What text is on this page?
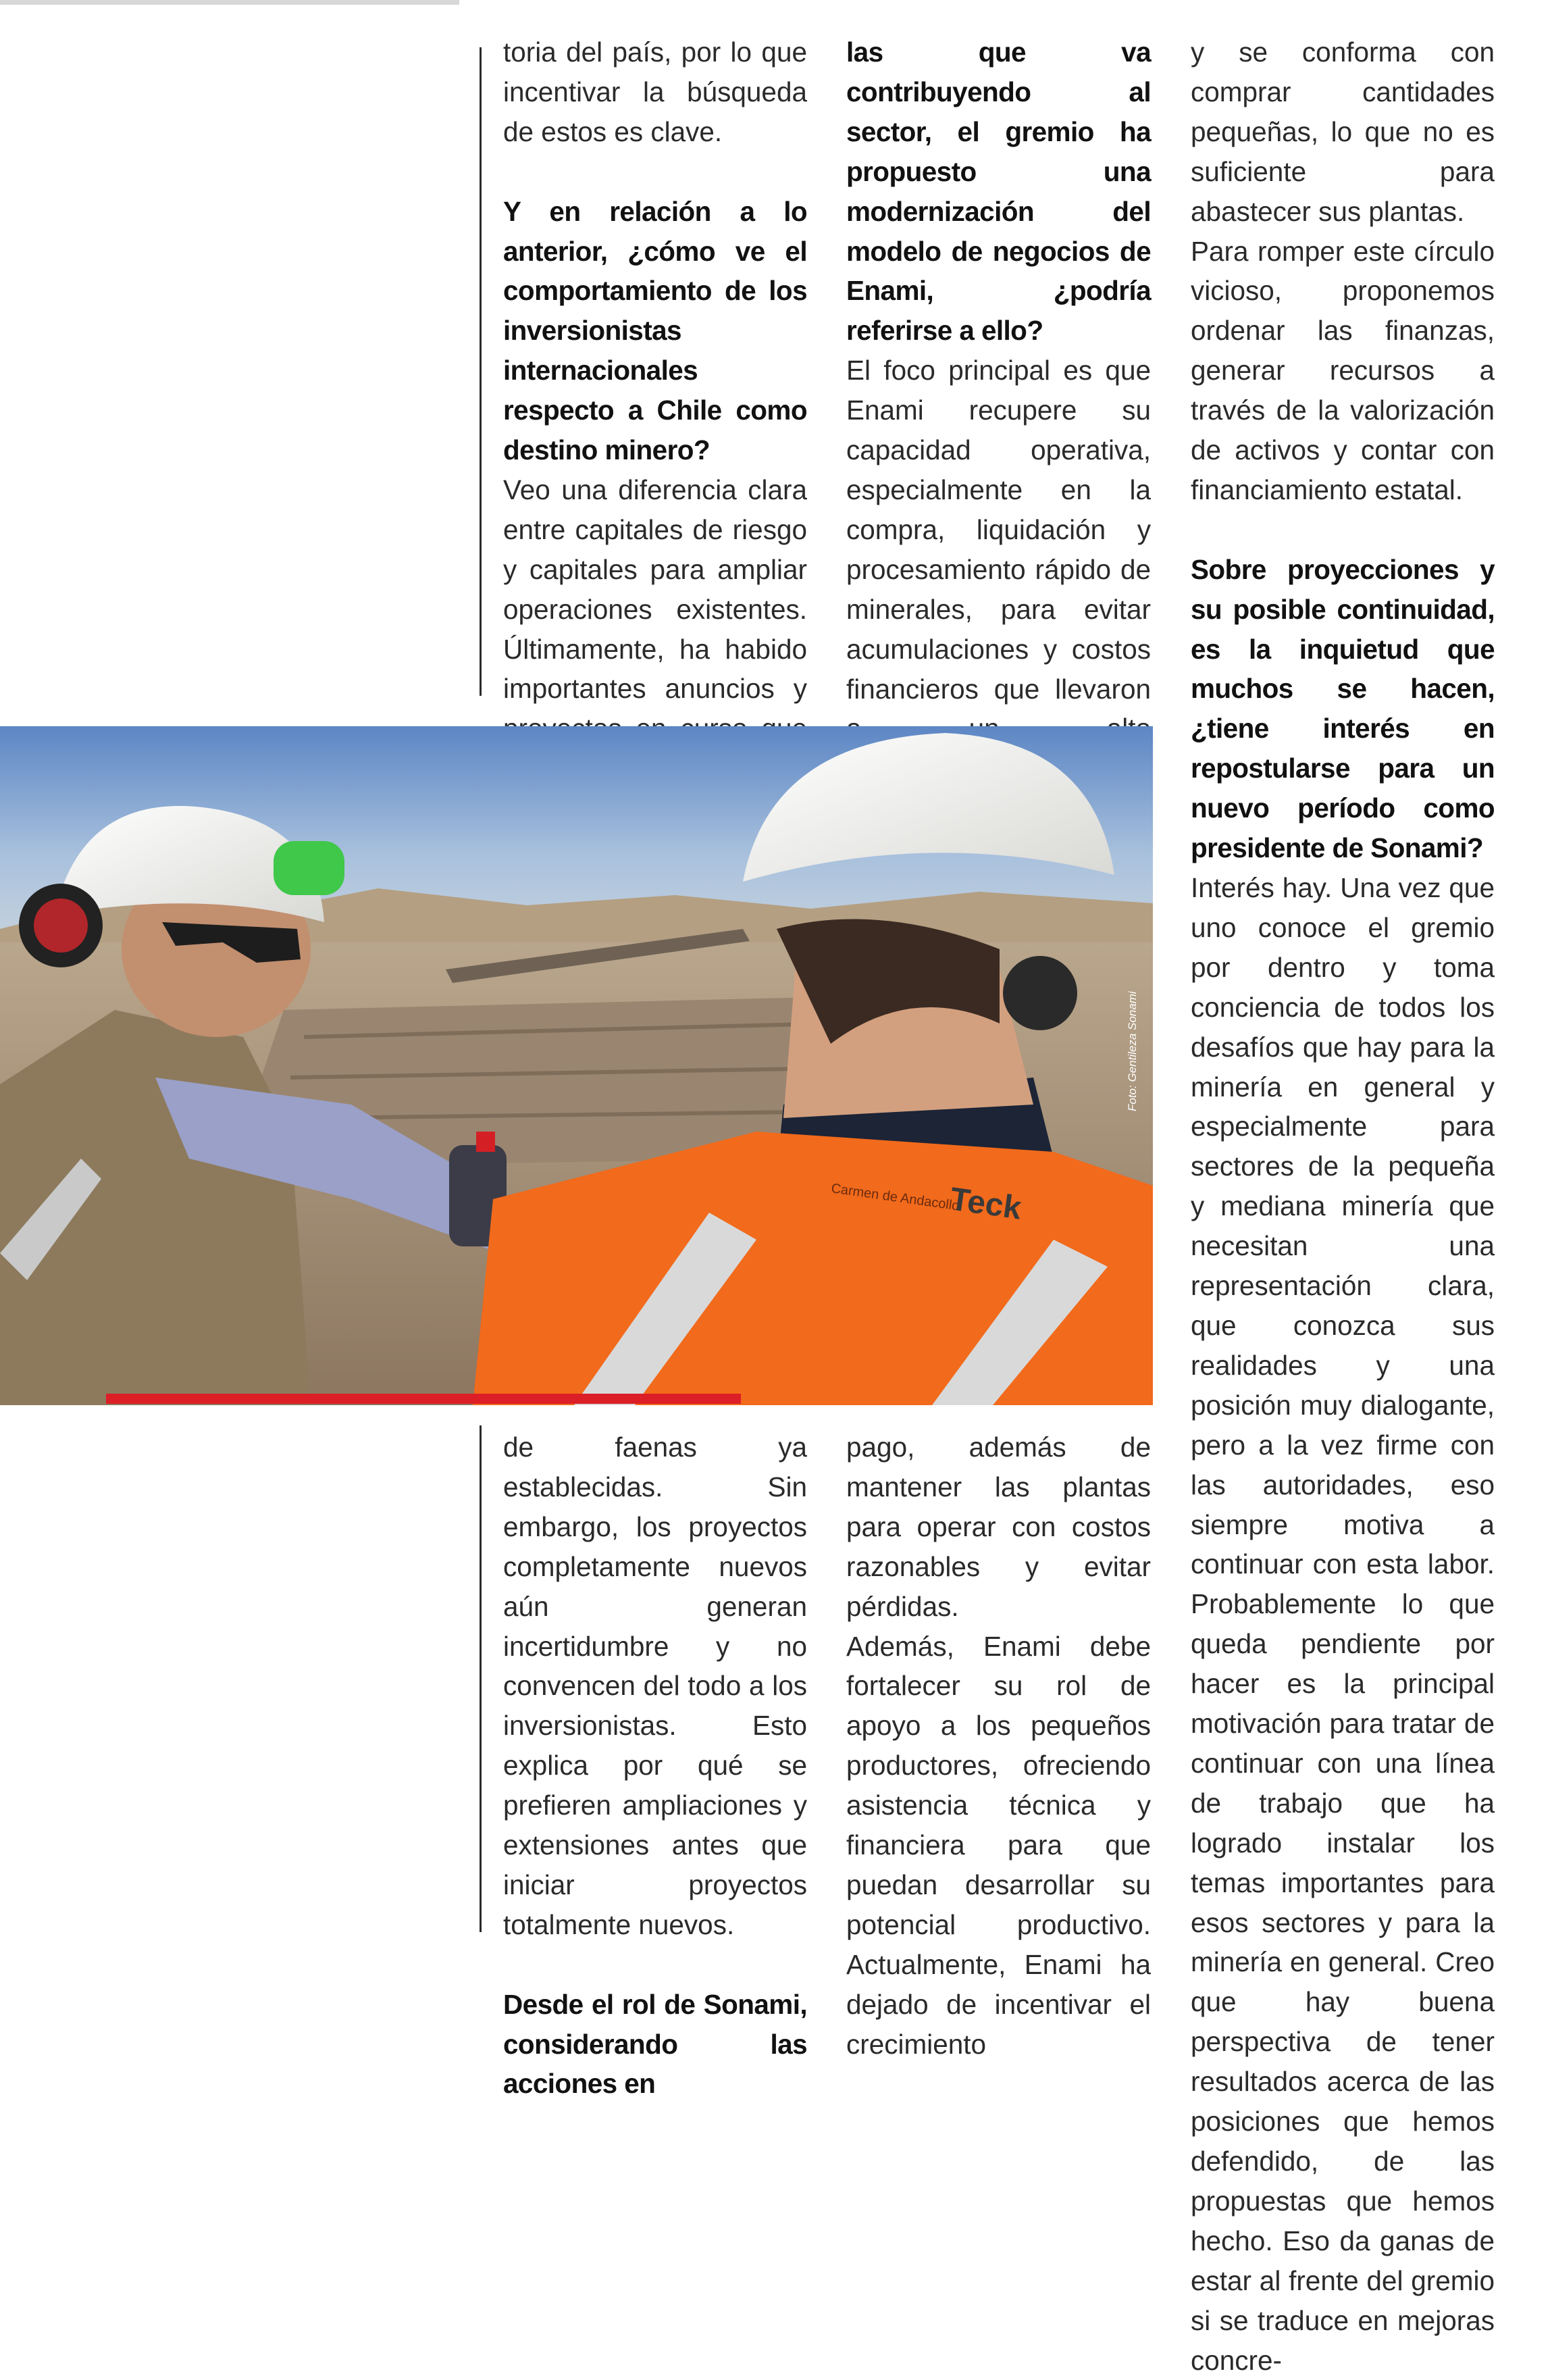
toria del país, por lo que incentivar la búsqueda de estos es clave.

Y en relación a lo anterior, ¿cómo ve el comportamiento de los inversionistas internacionales respecto a Chile como destino minero?

Veo una diferencia clara entre capitales de riesgo y capitales para ampliar operaciones existentes. Últimamente, ha habido importantes anuncios y

las que va contribuyendo al sector, el gremio ha propuesto una modernización del modelo de negocios de Enami, ¿podría referirse a ello?

El foco principal es que Enami recupere su capacidad operativa, especialmente en la compra, liquidación y procesamiento rápido de minerales, para evitar acumulaciones y costos financieros que llevaron

y se conforma con comprar cantidades pequeñas, lo que no es suficiente para abastecer sus plantas.

Para romper este círculo vicioso, proponemos ordenar las finanzas, generar recursos a través de la valorización de activos y contar con financiamiento estatal.

Sobre proyecciones y su posible continuidad, es la inquietud que muchos se hacen, ¿tiene interés en repostularse para un nuevo período como presidente de Sonami?

Interés hay. Una vez que uno conoce el gremio por dentro y toma conciencia de todos los desafíos que hay para la minería en general y especialmente para sectores de la pequeña y mediana minería que necesitan una representación clara, que conozca sus realidades y una posición muy dialogante, pero a la vez firme con las autoridades, eso siempre motiva a continuar con esta labor. Probablemente lo que queda pendiente por hacer es la principal motivación para tratar de continuar con una línea de trabajo que ha logrado instalar los temas importantes para esos sectores y para la minería en general. Creo que hay buena perspectiva de tener resultados acerca de las posiciones que hemos defendido, de las propuestas que hemos hecho. Eso da ganas de estar al frente del gremio si se traduce en mejoras concre-

Carmen de Andacollo
Teck
Foto: Gentileza Sonami

de faenas ya establecidas. Sin embargo, los proyectos completamente nuevos aún generan incertidumbre y no convencen del todo a los inversionistas. Esto explica por qué se prefieren ampliaciones y extensiones antes que iniciar proyectos totalmente nuevos.

Desde el rol de Sonami, considerando las acciones en

pago, además de mantener las plantas para operar con costos razonables y evitar pérdidas.

Además, Enami debe fortalecer su rol de apoyo a los pequeños productores, ofreciendo asistencia técnica y financiera para que puedan desarrollar su potencial productivo. Actualmente, Enami ha dejado de incentivar el crecimiento
